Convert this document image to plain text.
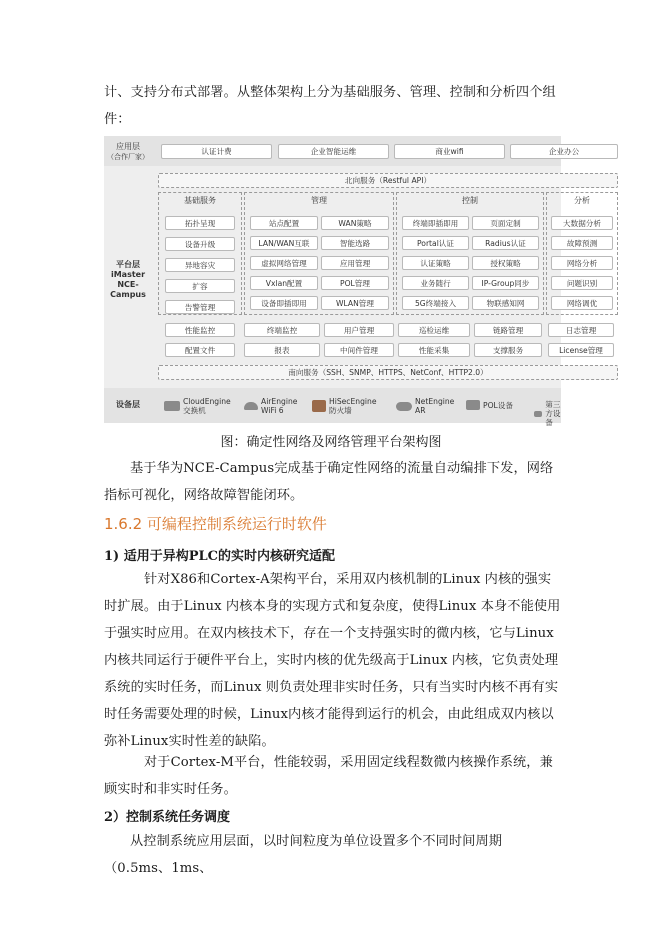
计、支持分布式部署。从整体架构上分为基础服务、管理、控制和分析四个组件：
应用层
（合作厂家）
认证计费	企业智能运维	商业wifi	企业办公
平台层
iMaster
NCE-
Campus
北向服务（Restful API）
基础服务	管理	控制	分析
拓扑呈现
设备升级
异地容灾
扩容
告警管理
站点配置	WAN策略
LAN/WAN互联	智能选路
虚拟网络管理	应用管理
Vxlan配置	POL管理
设备即插即用	WLAN管理
终端即插即用	页面定制
Portal认证	Radius认证
认证策略	授权策略
业务随行	IP-Group同步
5G终端接入	物联感知网
大数据分析
故障预测
网络分析
问题识别
网络调优
性能监控	终端监控	用户管理	巡检运维	链路管理	日志管理
配置文件	报表	中间件管理	性能采集	支撑服务	License管理
南向服务（SSH、SNMP、HTTPS、NetConf、HTTP2.0）
设备层	CloudEngine
交换机
AirEngine
WiFi 6
HiSecEngine
防火墙
NetEngine
AR
POL设备	第三方设备
图：确定性网络及网络管理平台架构图
基于华为NCE-Campus完成基于确定性网络的流量自动编排下发，网络指标可视化，网络故障智能闭环。
1.6.2 可编程控制系统运行时软件
1) 适用于异构PLC的实时内核研究适配
针对X86和Cortex-A架构平台，采用双内核机制的Linux 内核的强实时扩展。由于Linux 内核本身的实现方式和复杂度，使得Linux 本身不能使用于强实时应用。在双内核技术下，存在一个支持强实时的微内核，它与Linux 内核共同运行于硬件平台上，实时内核的优先级高于Linux 内核，它负责处理系统的实时任务，而Linux 则负责处理非实时任务，只有当实时内核不再有实时任务需要处理的时候，Linux内核才能得到运行的机会，由此组成双内核以弥补Linux实时性差的缺陷。
对于Cortex-M平台，性能较弱，采用固定线程数微内核操作系统，兼顾实时和非实时任务。
2）控制系统任务调度
从控制系统应用层面，以时间粒度为单位设置多个不同时间周期（0.5ms、1ms、
